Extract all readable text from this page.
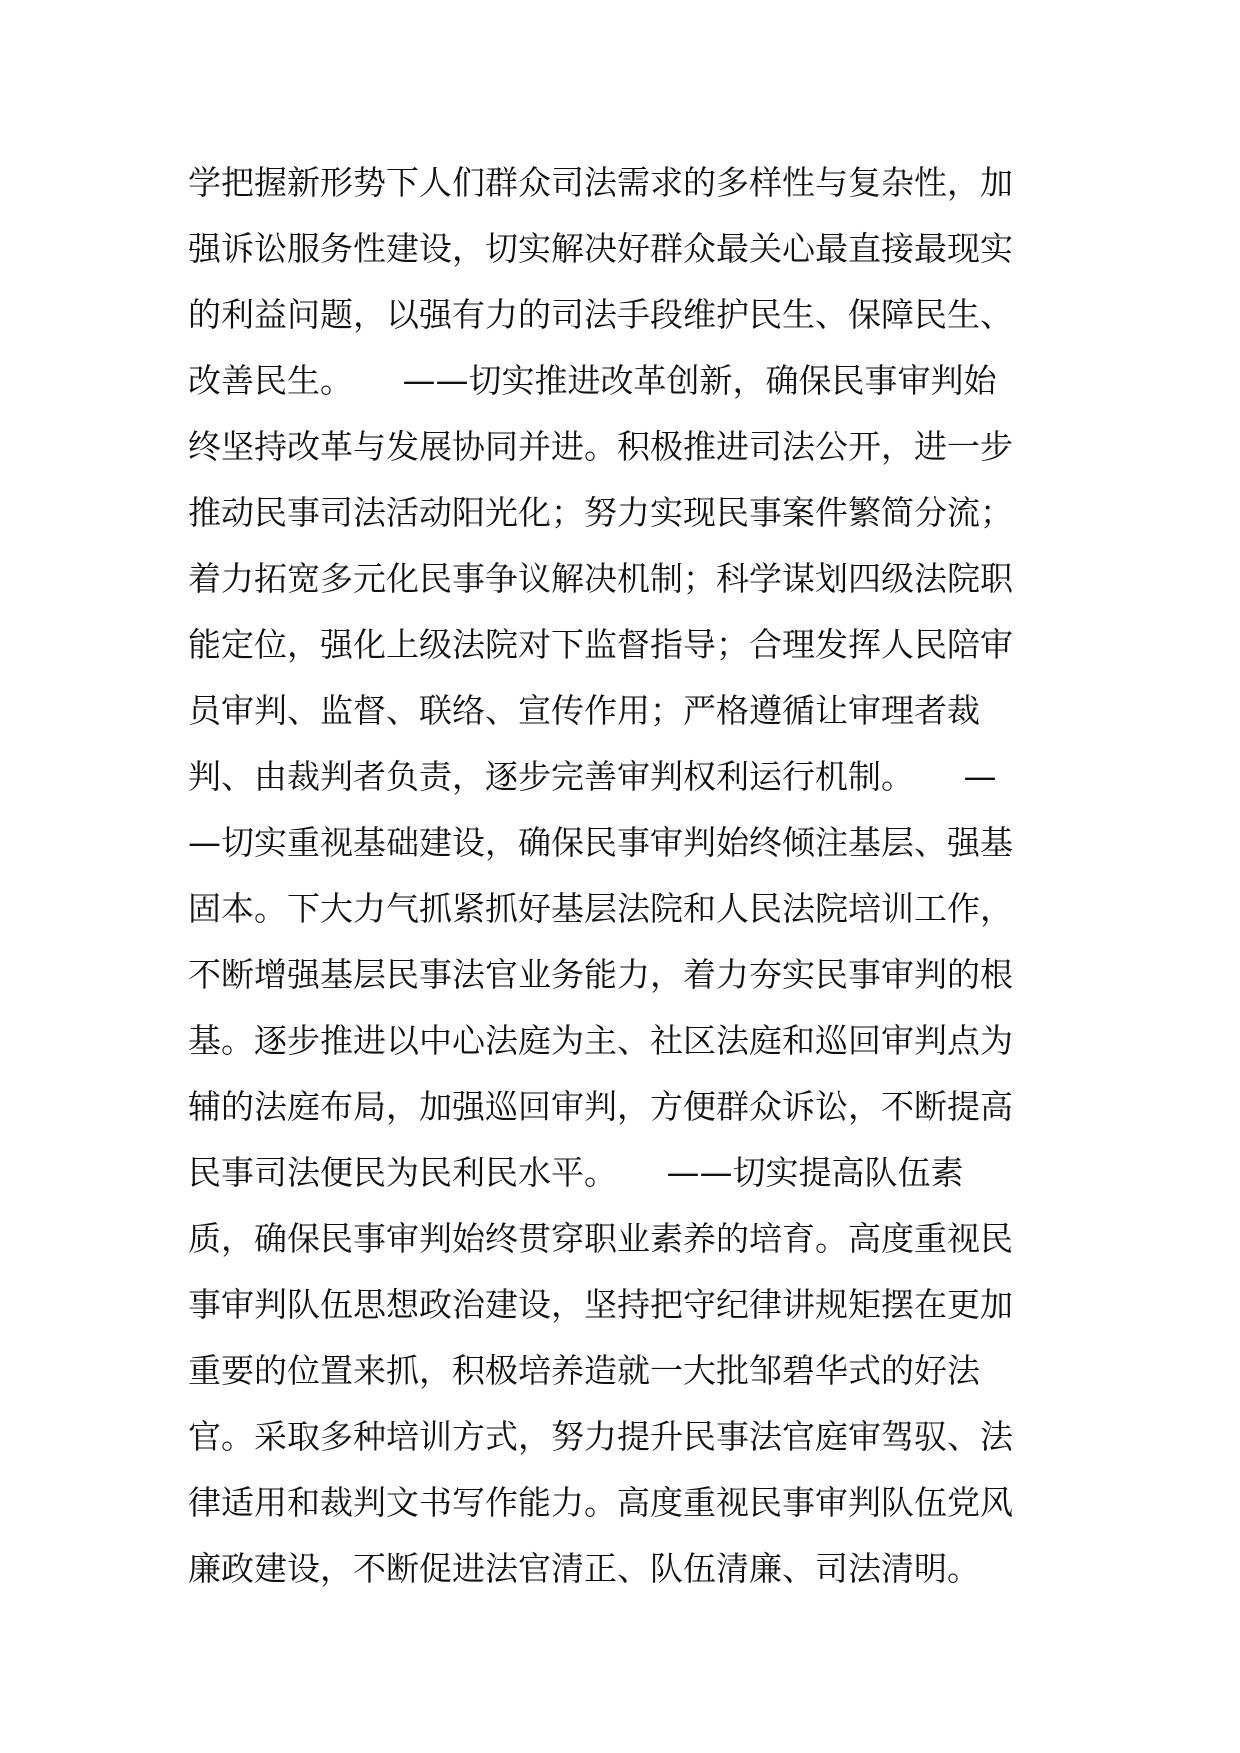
学把握新形势下人们群众司法需求的多样性与复杂性，加
强诉讼服务性建设，切实解决好群众最关心最直接最现实
的利益问题，以强有力的司法手段维护民生、保障民生、
改善民生。　　——切实推进改革创新，确保民事审判始
终坚持改革与发展协同并进。积极推进司法公开，进一步
推动民事司法活动阳光化；努力实现民事案件繁简分流；
着力拓宽多元化民事争议解决机制；科学谋划四级法院职
能定位，强化上级法院对下监督指导；合理发挥人民陪审
员审判、监督、联络、宣传作用；严格遵循让审理者裁
判、由裁判者负责，逐步完善审判权利运行机制。　　—
—切实重视基础建设，确保民事审判始终倾注基层、强基
固本。下大力气抓紧抓好基层法院和人民法院培训工作，
不断增强基层民事法官业务能力，着力夯实民事审判的根
基。逐步推进以中心法庭为主、社区法庭和巡回审判点为
辅的法庭布局，加强巡回审判，方便群众诉讼，不断提高
民事司法便民为民利民水平。　　——切实提高队伍素
质，确保民事审判始终贯穿职业素养的培育。高度重视民
事审判队伍思想政治建设，坚持把守纪律讲规矩摆在更加
重要的位置来抓，积极培养造就一大批邹碧华式的好法
官。采取多种培训方式，努力提升民事法官庭审驾驭、法
律适用和裁判文书写作能力。高度重视民事审判队伍党风
廉政建设，不断促进法官清正、队伍清廉、司法清明。
